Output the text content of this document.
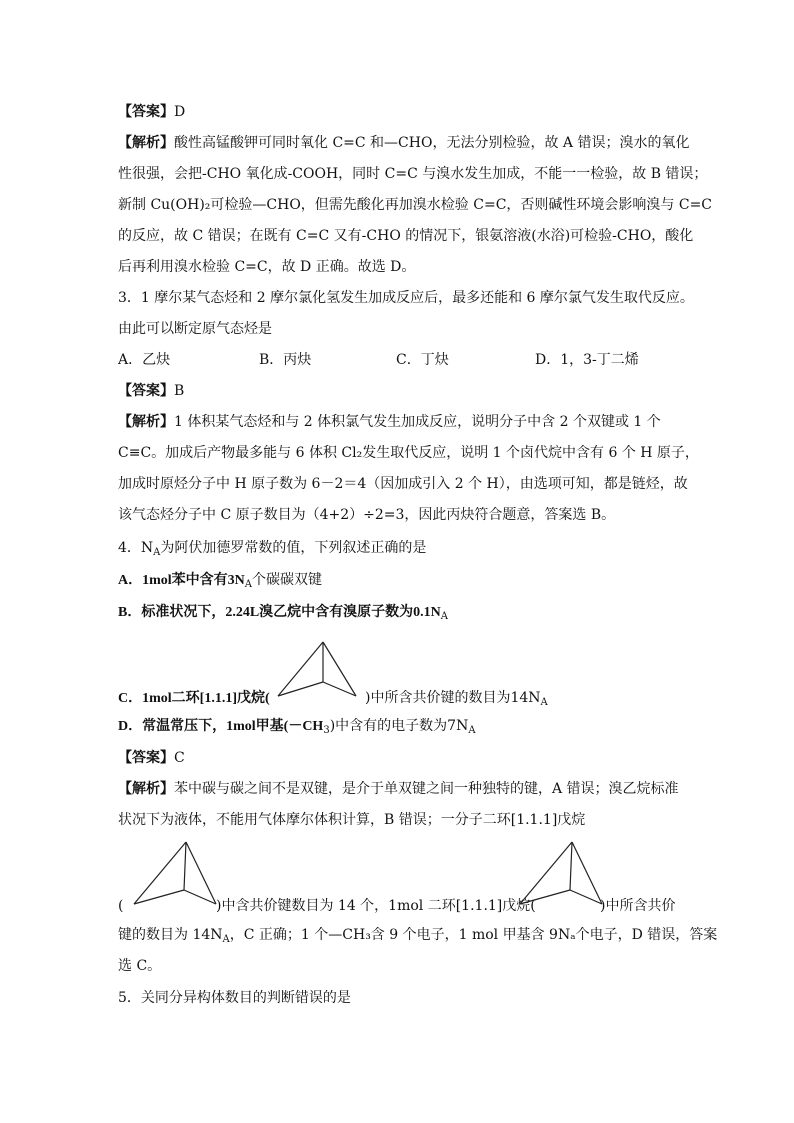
【答案】D
【解析】酸性高锰酸钾可同时氧化 C=C 和—CHO，无法分别检验，故 A 错误；溴水的氧化
性很强，会把-CHO 氧化成-COOH，同时 C=C 与溴水发生加成，不能一一检验，故 B 错误；
新制 Cu(OH)₂可检验—CHO，但需先酸化再加溴水检验 C=C，否则碱性环境会影响溴与 C=C
的反应，故 C 错误；在既有 C=C 又有-CHO 的情况下，银氨溶液(水浴)可检验-CHO，酸化
后再利用溴水检验 C=C，故 D 正确。故选 D。
3．1 摩尔某气态烃和 2 摩尔氯化氢发生加成反应后，最多还能和 6 摩尔氯气发生取代反应。
由此可以断定原气态烃是
A．乙炔	B．丙炔	C．丁炔	D．1，3-丁二烯
【答案】B
【解析】1 体积某气态烃和与 2 体积氯气发生加成反应，说明分子中含 2 个双键或 1 个
C≡C。加成后产物最多能与 6 体积 Cl₂发生取代反应，说明 1 个卤代烷中含有 6 个 H 原子，
加成时原烃分子中 H 原子数为 6－2＝4（因加成引入 2 个 H），由选项可知，都是链烃，故
该气态烃分子中 C 原子数目为（4+2）÷2=3，因此丙炔符合题意，答案选 B。
4．$N_A$为阿伏加德罗常数的值，下列叙述正确的是
A．1mol苯中含有$3N_A$个碳碳双键
B．标准状况下，2.24L溴乙烷中含有溴原子数为$0.1N_A$
C．1mol二环[1.1.1]戊烷(	)中所含共价键的数目为$14N_A$
D．常温常压下，1mol甲基$(-CH_3)$中含有的电子数为$7N_A$
【答案】C
【解析】苯中碳与碳之间不是双键，是介于单双键之间一种独特的键，A 错误；溴乙烷标准
状况下为液体，不能用气体摩尔体积计算，B 错误；一分子二环[1.1.1]戊烷
(	)中含共价键数目为 14 个，1mol 二环[1.1.1]戊烷(	)中所含共价
键的数目为 $14N_A$，C 正确；1 个—CH₃含 9 个电子，1 mol 甲基含 9Nₐ个电子，D 错误，答案
选 C。
5．关同分异构体数目的判断错误的是
